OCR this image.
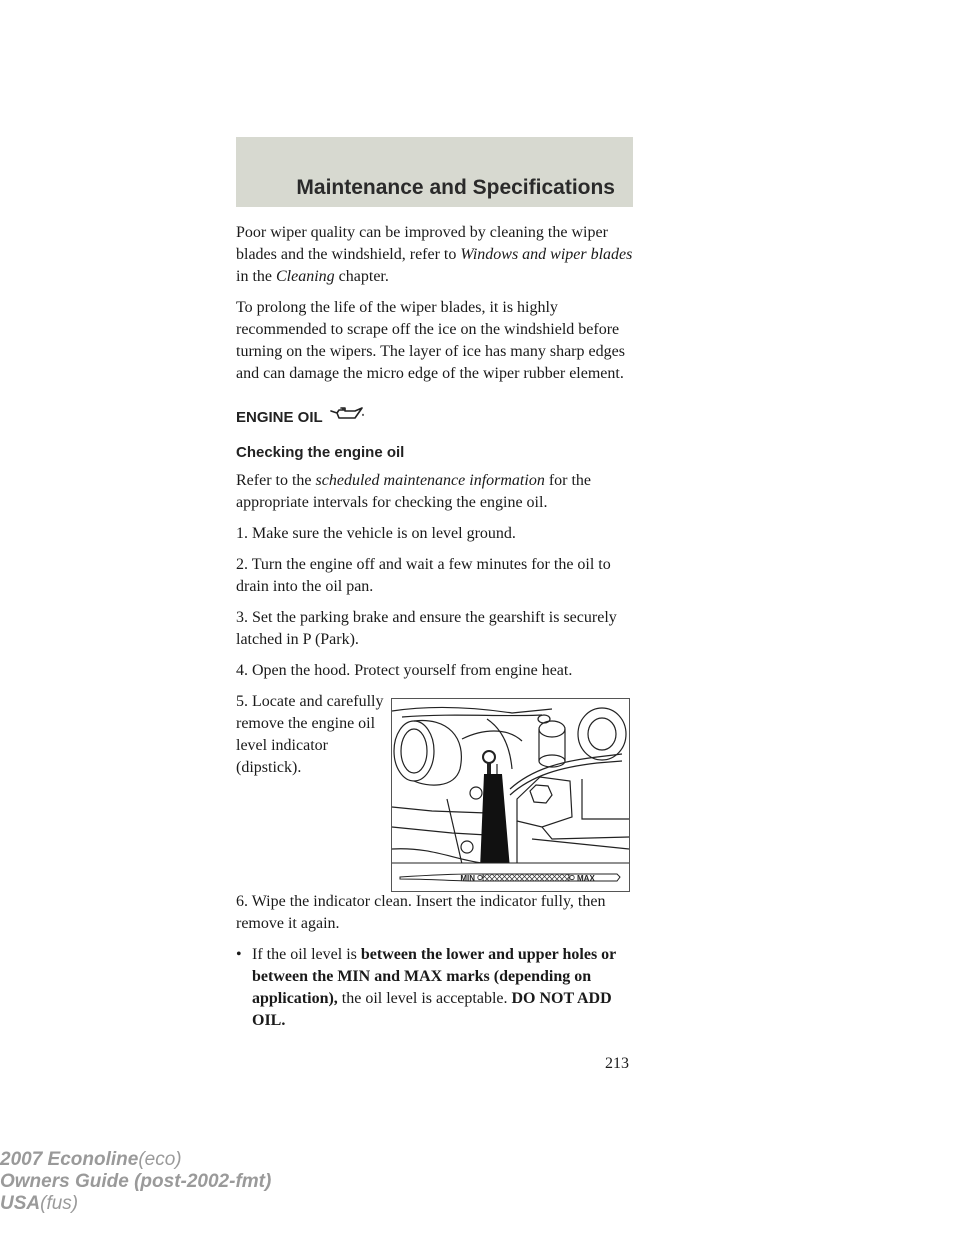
Maintenance and Specifications

Poor wiper quality can be improved by cleaning the wiper blades and the windshield, refer to Windows and wiper blades in the Cleaning chapter.

To prolong the life of the wiper blades, it is highly recommended to scrape off the ice on the windshield before turning on the wipers. The layer of ice has many sharp edges and can damage the micro edge of the wiper rubber element.

ENGINE OIL
Checking the engine oil

Refer to the scheduled maintenance information for the appropriate intervals for checking the engine oil.

1. Make sure the vehicle is on level ground.

2. Turn the engine off and wait a few minutes for the oil to drain into the oil pan.

3. Set the parking brake and ensure the gearshift is securely latched in P (Park).

4. Open the hood. Protect yourself from engine heat.

5. Locate and carefully remove the engine oil level indicator (dipstick).

MIN	MAX

6. Wipe the indicator clean. Insert the indicator fully, then remove it again.

• If the oil level is between the lower and upper holes or between the MIN and MAX marks (depending on application), the oil level is acceptable. DO NOT ADD OIL.
213
2007 Econoline(eco)
Owners Guide (post-2002-fmt)
USA(fus)
